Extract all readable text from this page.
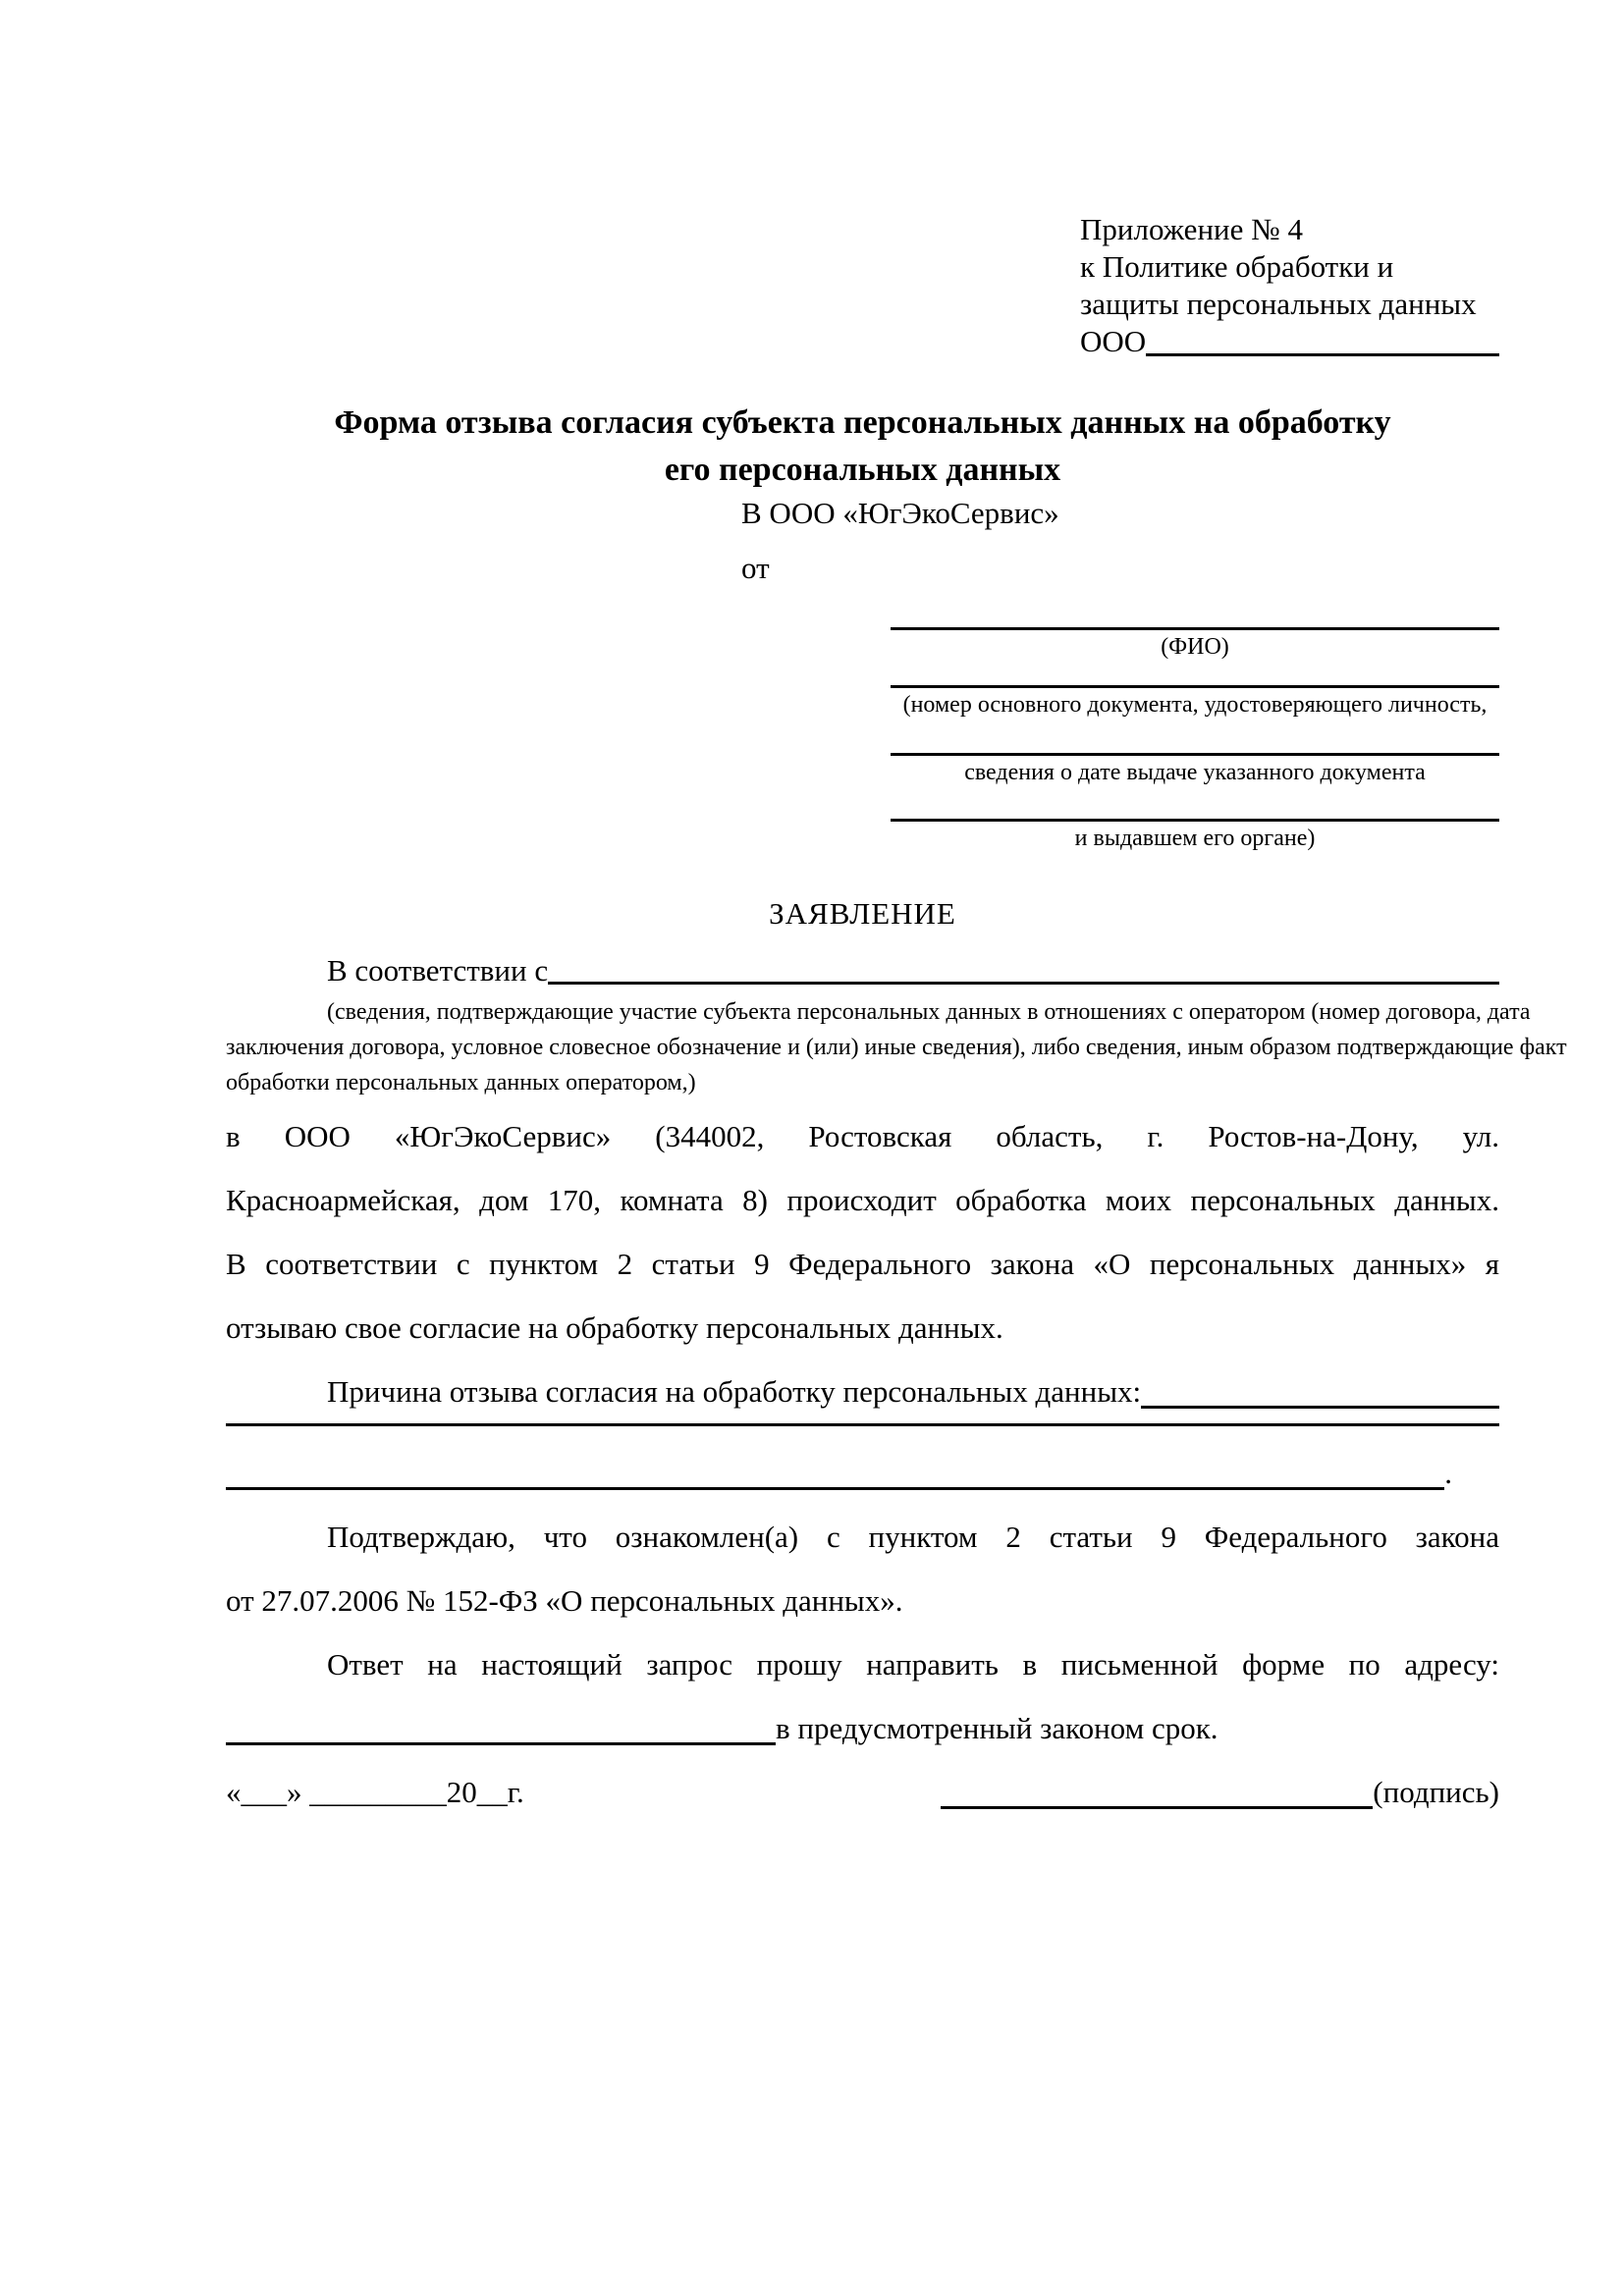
Приложение № 4
к Политике обработки и
защиты персональных данных
ООО
Форма отзыва согласия субъекта персональных данных на обработку
его персональных данных
В ООО «ЮгЭкоСервис»
от
(ФИО)
(номер основного документа, удостоверяющего личность,
сведения о дате выдаче указанного документа
и выдавшем его органе)
ЗАЯВЛЕНИЕ
В соответствии с
(сведения, подтверждающие участие субъекта персональных данных в отношениях с оператором (номер договора, дата
заключения договора, условное словесное обозначение и (или) иные сведения), либо сведения, иным образом подтверждающие факт
обработки персональных данных оператором,)
в ООО «ЮгЭкоСервис» (344002, Ростовская область, г. Ростов-на-Дону, ул.
Красноармейская, дом 170, комната 8) происходит обработка моих персональных данных.
В соответствии с пунктом 2 статьи 9 Федерального закона «О персональных данных» я
отзываю свое согласие на обработку персональных данных.
Причина отзыва согласия на обработку персональных данных:
.
Подтверждаю, что ознакомлен(а) с пунктом 2 статьи 9 Федерального закона
от 27.07.2006 № 152-ФЗ «О персональных данных».
Ответ на настоящий запрос прошу направить в письменной форме по адресу:
в предусмотренный законом срок.
«___» _________20__г.	(подпись)
